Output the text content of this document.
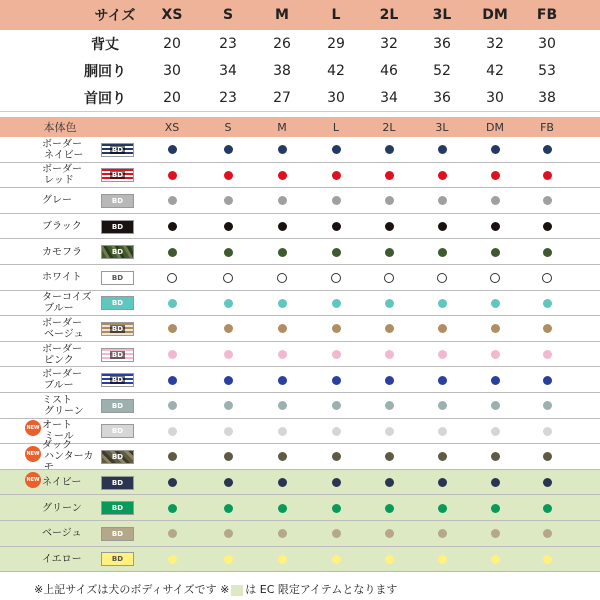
サイズ	XS	S	M	L	2L	3L	DM	FB
背丈	20	23	26	29	32	36	32	30
胴回り	30	34	38	42	46	52	42	53
首回り	20	23	27	30	34	36	30	38
本体色	XS	S	M	L	2L	3L	DM	FB
ボーダー
ネイビー	BD
ボーダー
レッド	BD
グレー	BD
ブラック	BD
カモフラ	BD
ホワイト	BD
ターコイズ
ブルー	BD
ボーダー
ベージュ	BD
ボーダー
ピンク	BD
ボーダー
ブルー	BD
ミスト
グリーン	BD
NEW オート
ミール	BD
NEW
ダック
ハンターカ	BD
NEW ネイビー	BD
グリーン	BD
ベージュ	BD
イエロー	BD
※上記サイズは犬のボディサイズです ※ は EC 限定アイテムとなります
